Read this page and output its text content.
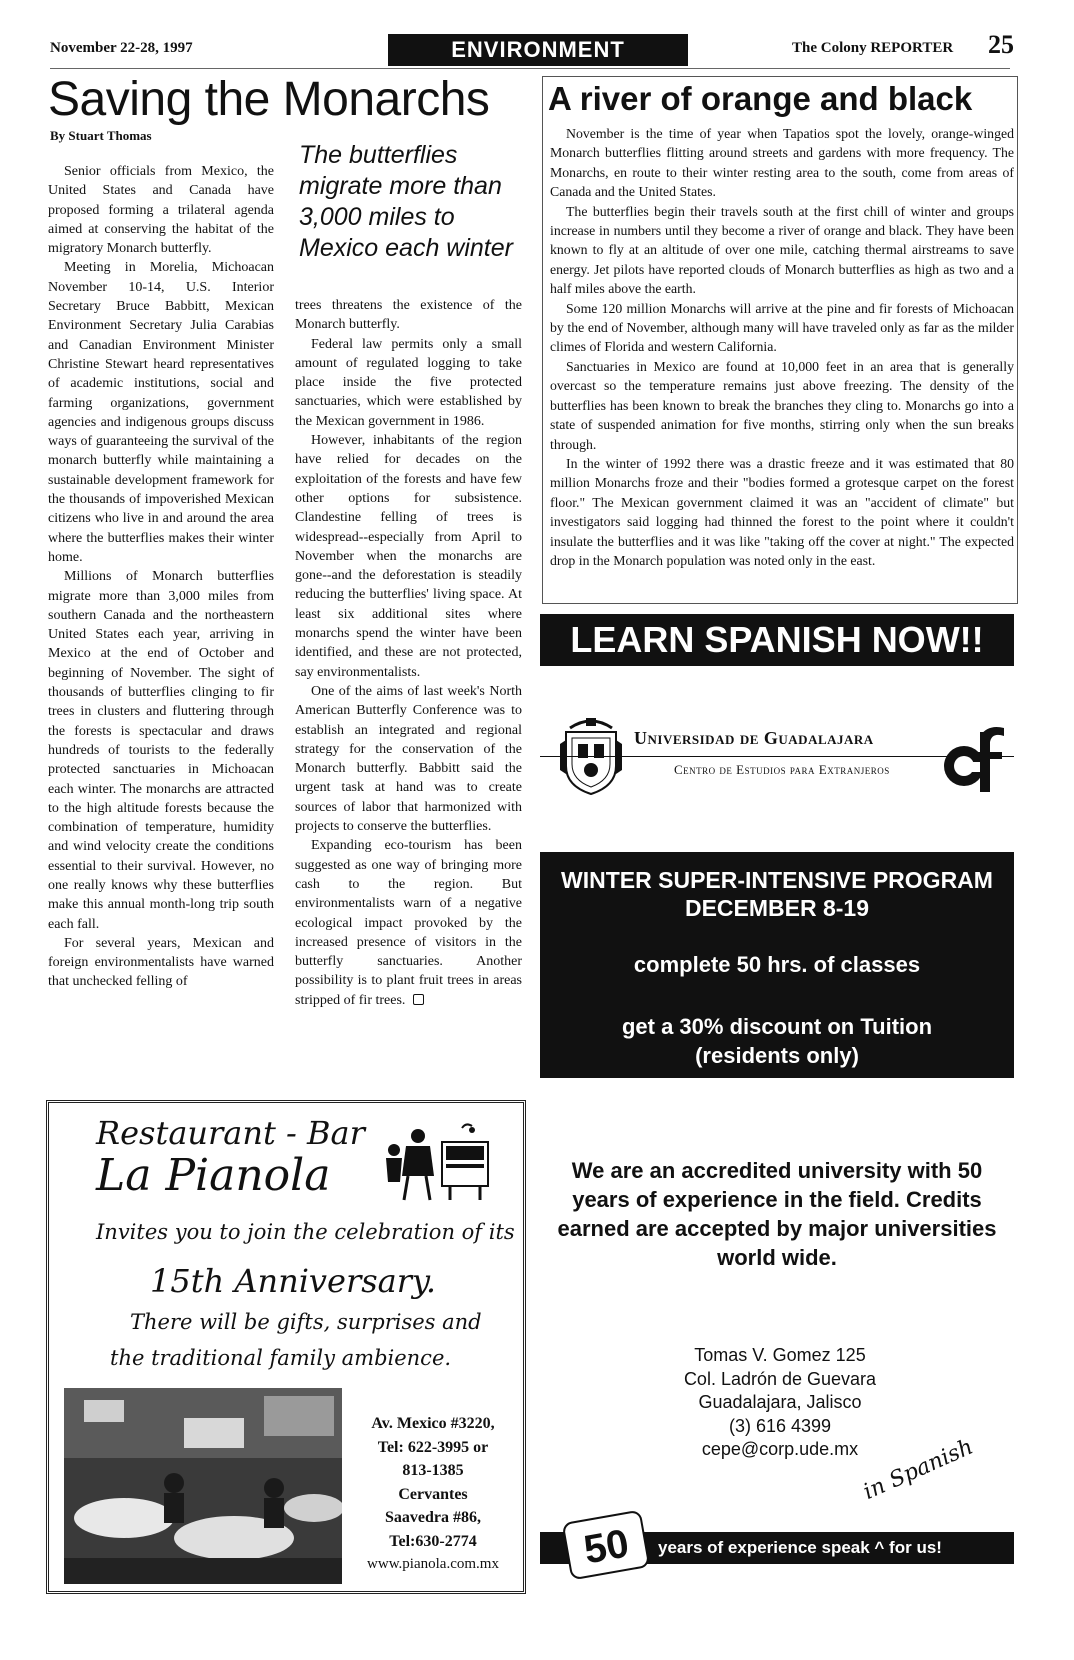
November 22-28, 1997	ENVIRONMENT	The Colony REPORTER 25
Saving the Monarchs
By Stuart Thomas

Senior officials from Mexico, the United States and Canada have proposed forming a trilateral agenda aimed at conserving the habitat of the migratory Monarch butterfly.

Meeting in Morelia, Michoacan November 10-14, U.S. Interior Secretary Bruce Babbitt, Mexican Environment Secretary Julia Carabias and Canadian Environment Minister Christine Stewart heard representatives of academic institutions, social and farming organizations, government agencies and indigenous groups discuss ways of guaranteeing the survival of the monarch butterfly while maintaining a sustainable development framework for the thousands of impoverished Mexican citizens who live in and around the area where the butterflies makes their winter home.

Millions of Monarch butterflies migrate more than 3,000 miles from southern Canada and the northeastern United States each year, arriving in Mexico at the end of October and beginning of November. The sight of thousands of butterflies clinging to fir trees in clusters and fluttering through the forests is spectacular and draws hundreds of tourists to the federally protected sanctuaries in Michoacan each winter. The monarchs are attracted to the high altitude forests because the combination of temperature, humidity and wind velocity create the conditions essential to their survival. However, no one really knows why these butterflies make this annual month-long trip south each fall.

For several years, Mexican and foreign environmentalists have warned that unchecked felling of

The butterflies migrate more than 3,000 miles to Mexico each winter

trees threatens the existence of the Monarch butterfly.

Federal law permits only a small amount of regulated logging to take place inside the five protected sanctuaries, which were established by the Mexican government in 1986.

However, inhabitants of the region have relied for decades on the exploitation of the forests and have few other options for subsistence. Clandestine felling of trees is widespread--especially from April to November when the monarchs are gone--and the deforestation is steadily reducing the butterflies' living space. At least six additional sites where monarchs spend the winter have been identified, and these are not protected, say environmentalists.

One of the aims of last week's North American Butterfly Conference was to establish an integrated and regional strategy for the conservation of the Monarch butterfly. Babbitt said the urgent task at hand was to create sources of labor that harmonized with projects to conserve the butterflies.

Expanding eco-tourism has been suggested as one way of bringing more cash to the region. But environmentalists warn of a negative ecological impact provoked by the increased presence of visitors in the butterfly sanctuaries. Another possibility is to plant fruit trees in areas stripped of fir trees.

A river of orange and black

November is the time of year when Tapatios spot the lovely, orange-winged Monarch butterflies flitting around streets and gardens with more frequency. The Monarchs, en route to their winter resting area to the south, come from areas of Canada and the United States.

The butterflies begin their travels south at the first chill of winter and groups increase in numbers until they become a river of orange and black. They have been known to fly at an altitude of over one mile, catching thermal airstreams to save energy. Jet pilots have reported clouds of Monarch butterflies as high as two and a half miles above the earth.

Some 120 million Monarchs will arrive at the pine and fir forests of Michoacan by the end of November, although many will have traveled only as far as the milder climes of Florida and western California.

Sanctuaries in Mexico are found at 10,000 feet in an area that is generally overcast so the temperature remains just above freezing. The density of the butterflies has been known to break the branches they cling to. Monarchs go into a state of suspended animation for five months, stirring only when the sun breaks through.

In the winter of 1992 there was a drastic freeze and it was estimated that 80 million Monarchs froze and their "bodies formed a grotesque carpet on the forest floor." The Mexican government claimed it was an "accident of climate" but investigators said logging had thinned the forest to the point where it couldn't insulate the butterflies and it was like "taking off the cover at night." The expected drop in the Monarch population was noted only in the east.

LEARN SPANISH NOW!!
Universidad de Guadalajara
Centro de Estudios para Extranjeros
cf
WINTER SUPER-INTENSIVE PROGRAM
DECEMBER 8-19
complete 50 hrs. of classes
get a 30% discount on Tuition
(residents only)
We are an accredited university with 50 years of experience in the field. Credits earned are accepted by major universities world wide.
Tomas V. Gomez 125
Col. Ladrón de Guevara
Guadalajara, Jalisco
(3) 616 4399
cepe@corp.ude.mx in Spanish
years of experience speak ^ for us!
50
Restaurant - Bar
La Pianola
Invites you to join the celebration of its
15th Anniversary.
There will be gifts, surprises and
the traditional family ambience.
Av. Mexico #3220,
Tel: 622-3995 or
813-1385
Cervantes
Saavedra #86,
Tel:630-2774
www.pianola.com.mx
